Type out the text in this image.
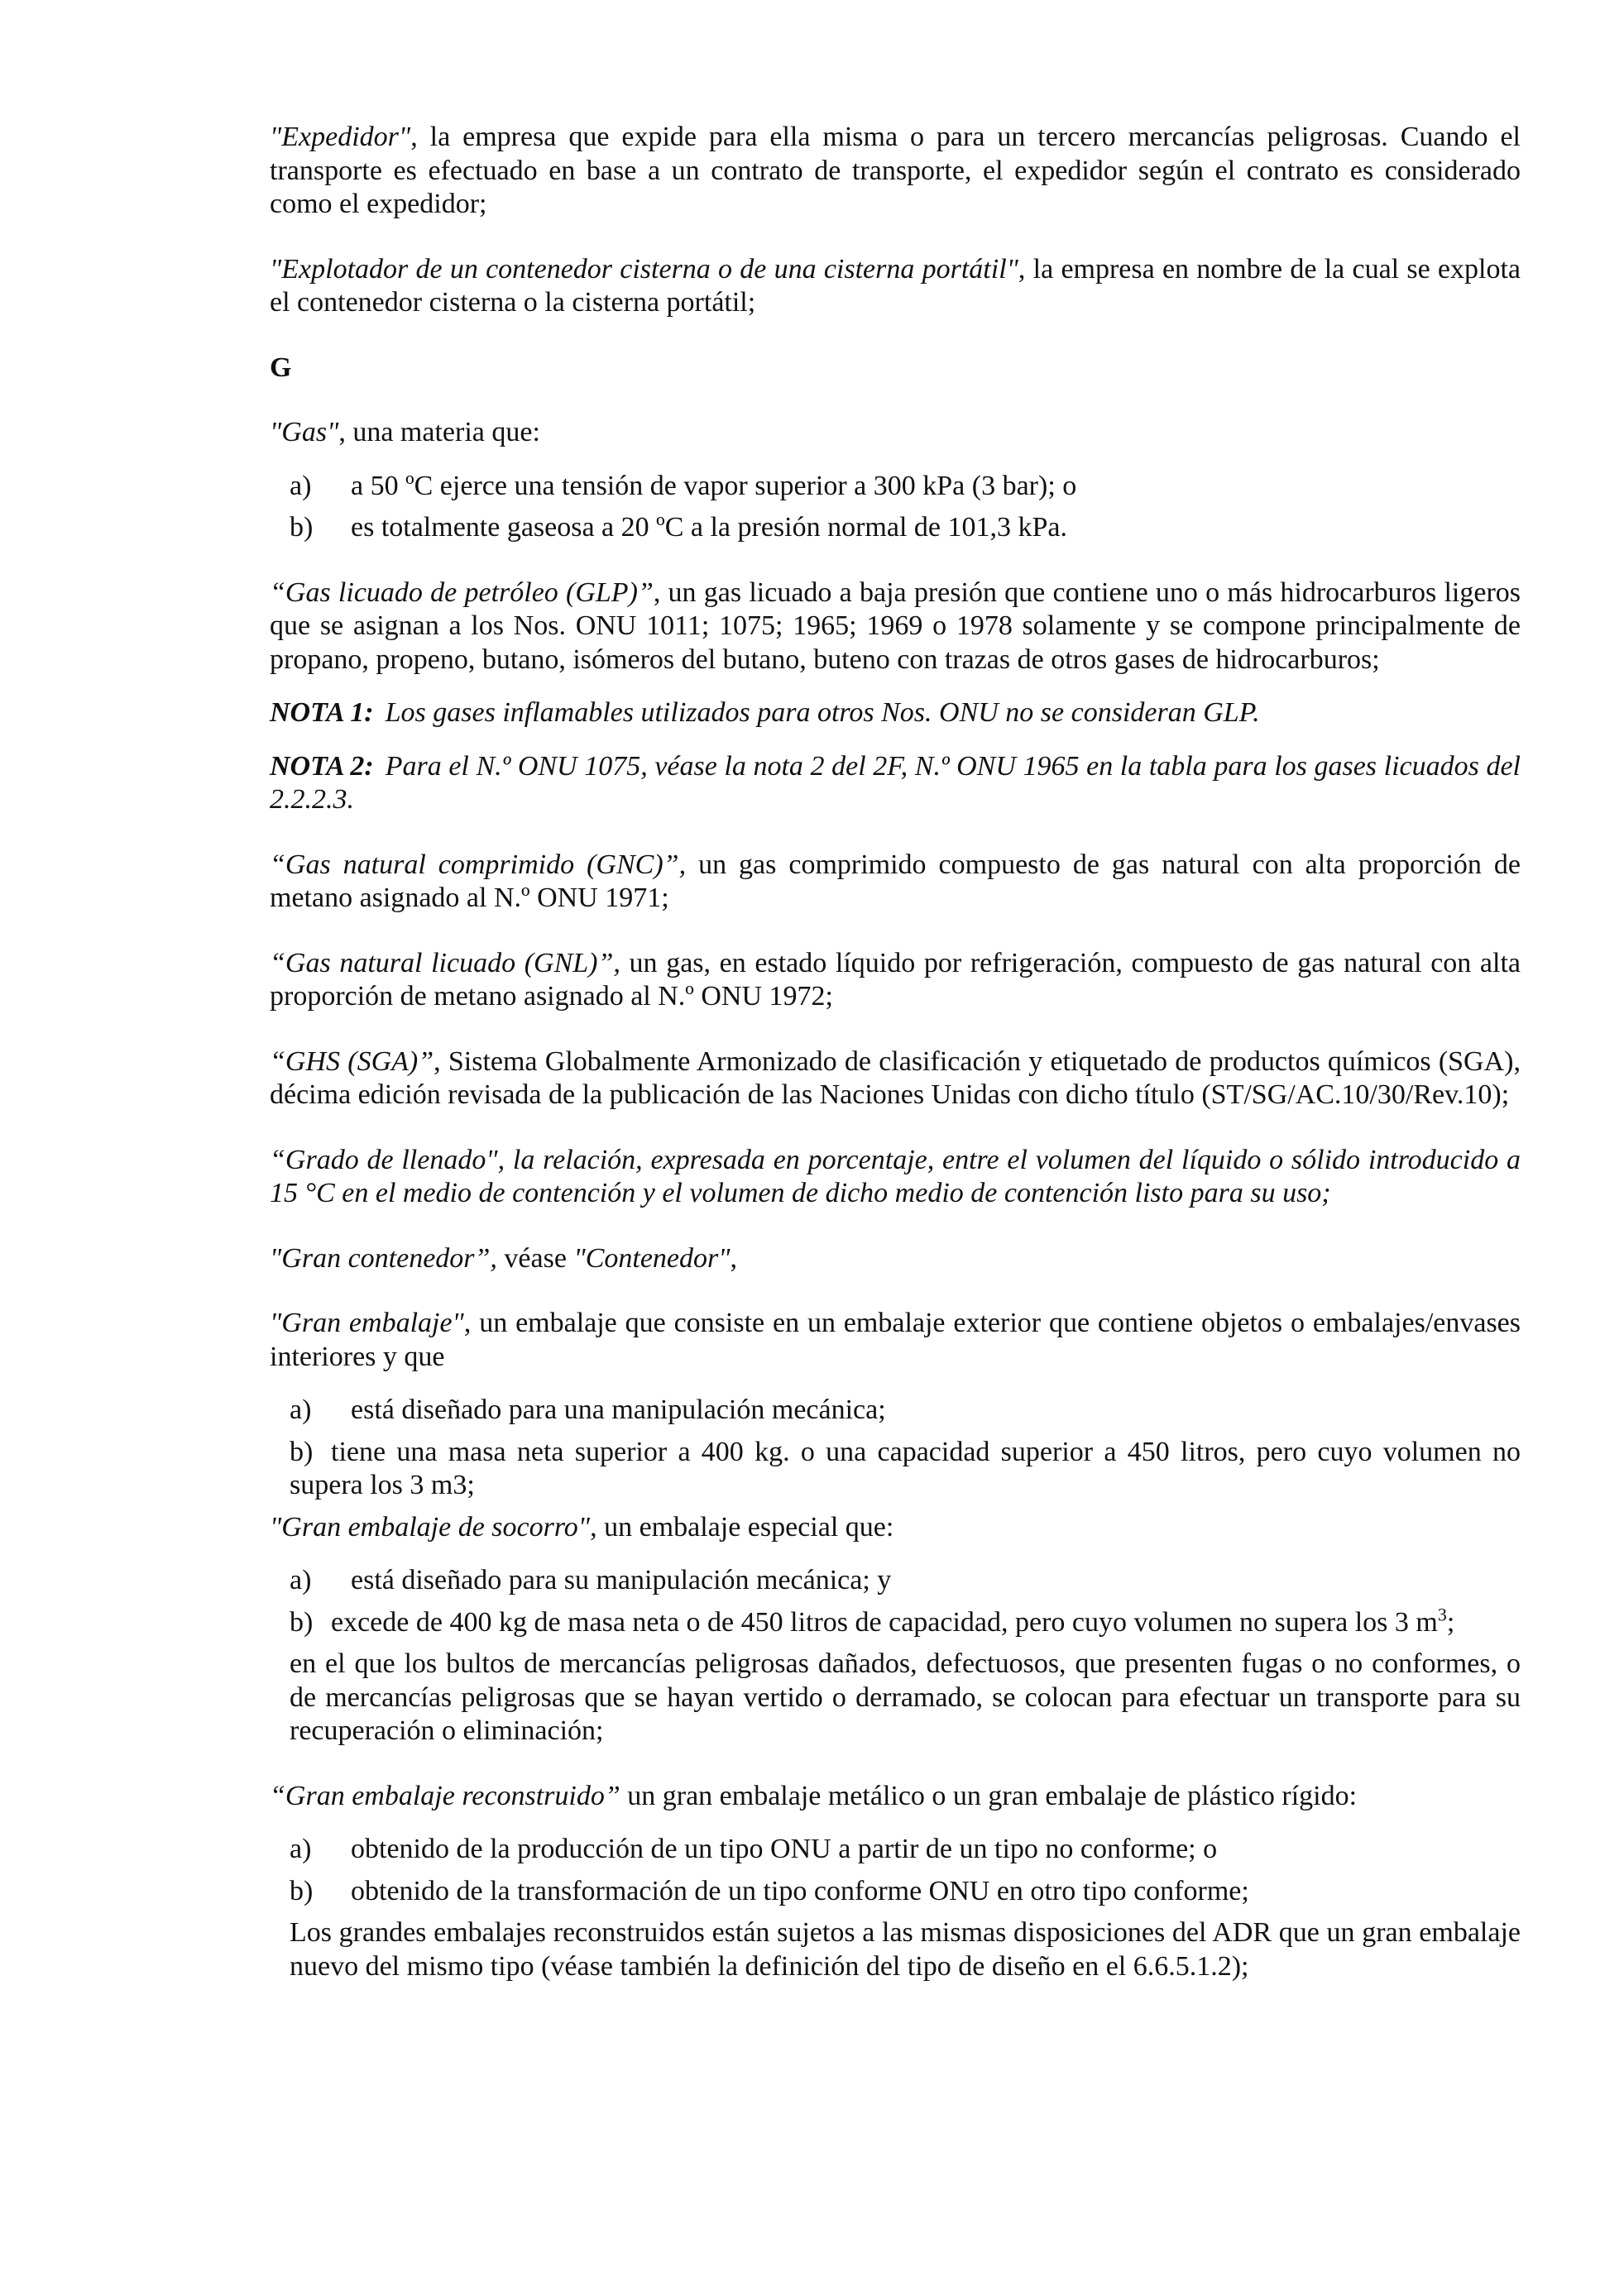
"Expedidor", la empresa que expide para ella misma o para un tercero mercancías peligrosas. Cuando el transporte es efectuado en base a un contrato de transporte, el expedidor según el contrato es considerado como el expedidor;

"Explotador de un contenedor cisterna o de una cisterna portátil", la empresa en nombre de la cual se explota el contenedor cisterna o la cisterna portátil;

G

"Gas", una materia que:

a)	a 50 ºC ejerce una tensión de vapor superior a 300 kPa (3 bar); o
b)	es totalmente gaseosa a 20 ºC a la presión normal de 101,3 kPa.

“Gas licuado de petróleo (GLP)”, un gas licuado a baja presión que contiene uno o más hidrocarburos ligeros que se asignan a los Nos. ONU 1011; 1075; 1965; 1969 o 1978 solamente y se compone principalmente de propano, propeno, butano, isómeros del butano, buteno con trazas de otros gases de hidrocarburos;

NOTA 1: Los gases inflamables utilizados para otros Nos. ONU no se consideran GLP.

NOTA 2: Para el N.º ONU 1075, véase la nota 2 del 2F, N.º ONU 1965 en la tabla para los gases licuados del 2.2.2.3.

“Gas natural comprimido (GNC)”, un gas comprimido compuesto de gas natural con alta proporción de metano asignado al N.º ONU 1971;

“Gas natural licuado (GNL)”, un gas, en estado líquido por refrigeración, compuesto de gas natural con alta proporción de metano asignado al N.º ONU 1972;

“GHS (SGA)”, Sistema Globalmente Armonizado de clasificación y etiquetado de productos químicos (SGA), décima edición revisada de la publicación de las Naciones Unidas con dicho título (ST/SG/AC.10/30/Rev.10);

“Grado de llenado", la relación, expresada en porcentaje, entre el volumen del líquido o sólido introducido a 15 °C en el medio de contención y el volumen de dicho medio de contención listo para su uso;

"Gran contenedor”, véase "Contenedor",

"Gran embalaje", un embalaje que consiste en un embalaje exterior que contiene objetos o embalajes/envases interiores y que

a)	está diseñado para una manipulación mecánica;

b) tiene una masa neta superior a 400 kg. o una capacidad superior a 450 litros, pero cuyo volumen no supera los 3 m3;

"Gran embalaje de socorro", un embalaje especial que:

a)	está diseñado para su manipulación mecánica; y

b) excede de 400 kg de masa neta o de 450 litros de capacidad, pero cuyo volumen no supera los 3 $m^3$;

en el que los bultos de mercancías peligrosas dañados, defectuosos, que presenten fugas o no conformes, o de mercancías peligrosas que se hayan vertido o derramado, se colocan para efectuar un transporte para su recuperación o eliminación;

“Gran embalaje reconstruido” un gran embalaje metálico o un gran embalaje de plástico rígido:

a)	obtenido de la producción de un tipo ONU a partir de un tipo no conforme; o
b)	obtenido de la transformación de un tipo conforme ONU en otro tipo conforme;

Los grandes embalajes reconstruidos están sujetos a las mismas disposiciones del ADR que un gran embalaje nuevo del mismo tipo (véase también la definición del tipo de diseño en el 6.6.5.1.2);
